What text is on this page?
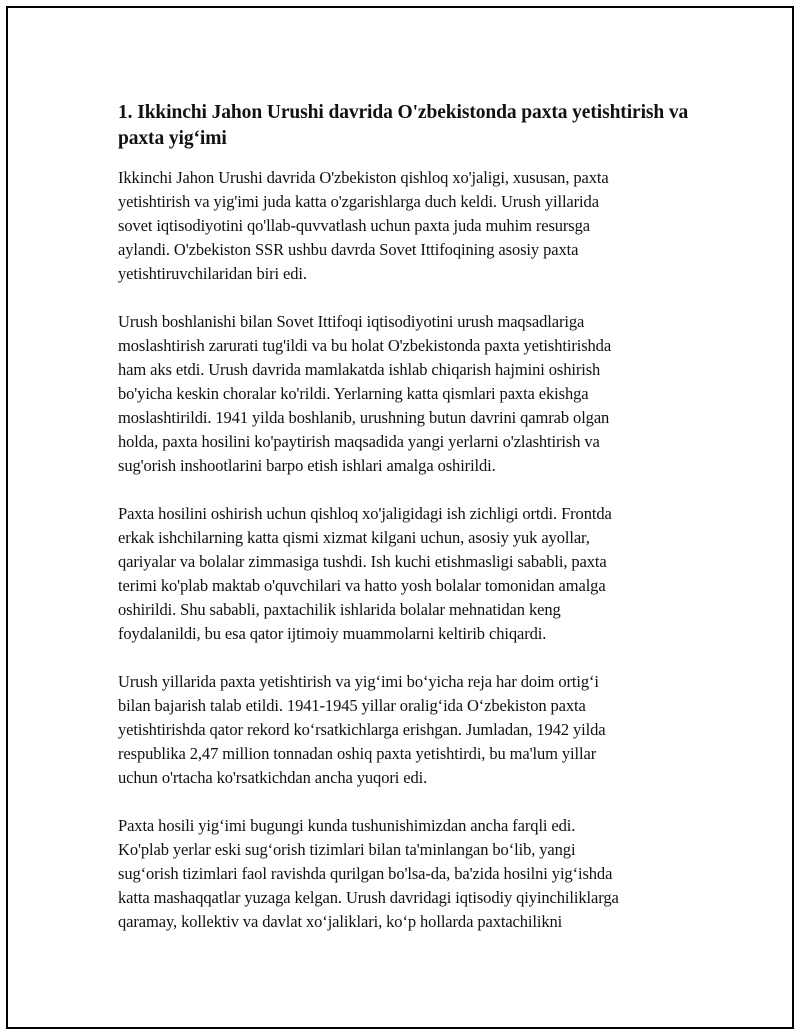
1. Ikkinchi Jahon Urushi davrida O'zbekistonda paxta yetishtirish va paxta yig‘imi

Ikkinchi Jahon Urushi davrida O'zbekiston qishloq xo'jaligi, xususan, paxta
yetishtirish va yig'imi juda katta o'zgarishlarga duch keldi. Urush yillarida
sovet iqtisodiyotini qo'llab-quvvatlash uchun paxta juda muhim resursga
aylandi. O'zbekiston SSR ushbu davrda Sovet Ittifoqining asosiy paxta
yetishtiruvchilaridan biri edi.

Urush boshlanishi bilan Sovet Ittifoqi iqtisodiyotini urush maqsadlariga
moslashtirish zarurati tug'ildi va bu holat O'zbekistonda paxta yetishtirishda
ham aks etdi. Urush davrida mamlakatda ishlab chiqarish hajmini oshirish
bo'yicha keskin choralar ko'rildi. Yerlarning katta qismlari paxta ekishga
moslashtirildi. 1941 yilda boshlanib, urushning butun davrini qamrab olgan
holda, paxta hosilini ko'paytirish maqsadida yangi yerlarni o'zlashtirish va
sug'orish inshootlarini barpo etish ishlari amalga oshirildi.

Paxta hosilini oshirish uchun qishloq xo'jaligidagi ish zichligi ortdi. Frontda
erkak ishchilarning katta qismi xizmat kilgani uchun, asosiy yuk ayollar,
qariyalar va bolalar zimmasiga tushdi. Ish kuchi etishmasligi sababli, paxta
terimi ko'plab maktab o'quvchilari va hatto yosh bolalar tomonidan amalga
oshirildi. Shu sababli, paxtachilik ishlarida bolalar mehnatidan keng
foydalanildi, bu esa qator ijtimoiy muammolarni keltirib chiqardi.

Urush yillarida paxta yetishtirish va yig‘imi bo‘yicha reja har doim ortig‘i
bilan bajarish talab etildi. 1941-1945 yillar oralig‘ida O‘zbekiston paxta
yetishtirishda qator rekord ko‘rsatkichlarga erishgan. Jumladan, 1942 yilda
respublika 2,47 million tonnadan oshiq paxta yetishtirdi, bu ma'lum yillar
uchun o'rtacha ko'rsatkichdan ancha yuqori edi.

Paxta hosili yig‘imi bugungi kunda tushunishimizdan ancha farqli edi.
Ko'plab yerlar eski sug‘orish tizimlari bilan ta'minlangan bo‘lib, yangi
sug‘orish tizimlari faol ravishda qurilgan bo'lsa-da, ba'zida hosilni yig‘ishda
katta mashaqqatlar yuzaga kelgan. Urush davridagi iqtisodiy qiyinchiliklarga
qaramay, kollektiv va davlat xo‘jaliklari, ko‘p hollarda paxtachilikni
